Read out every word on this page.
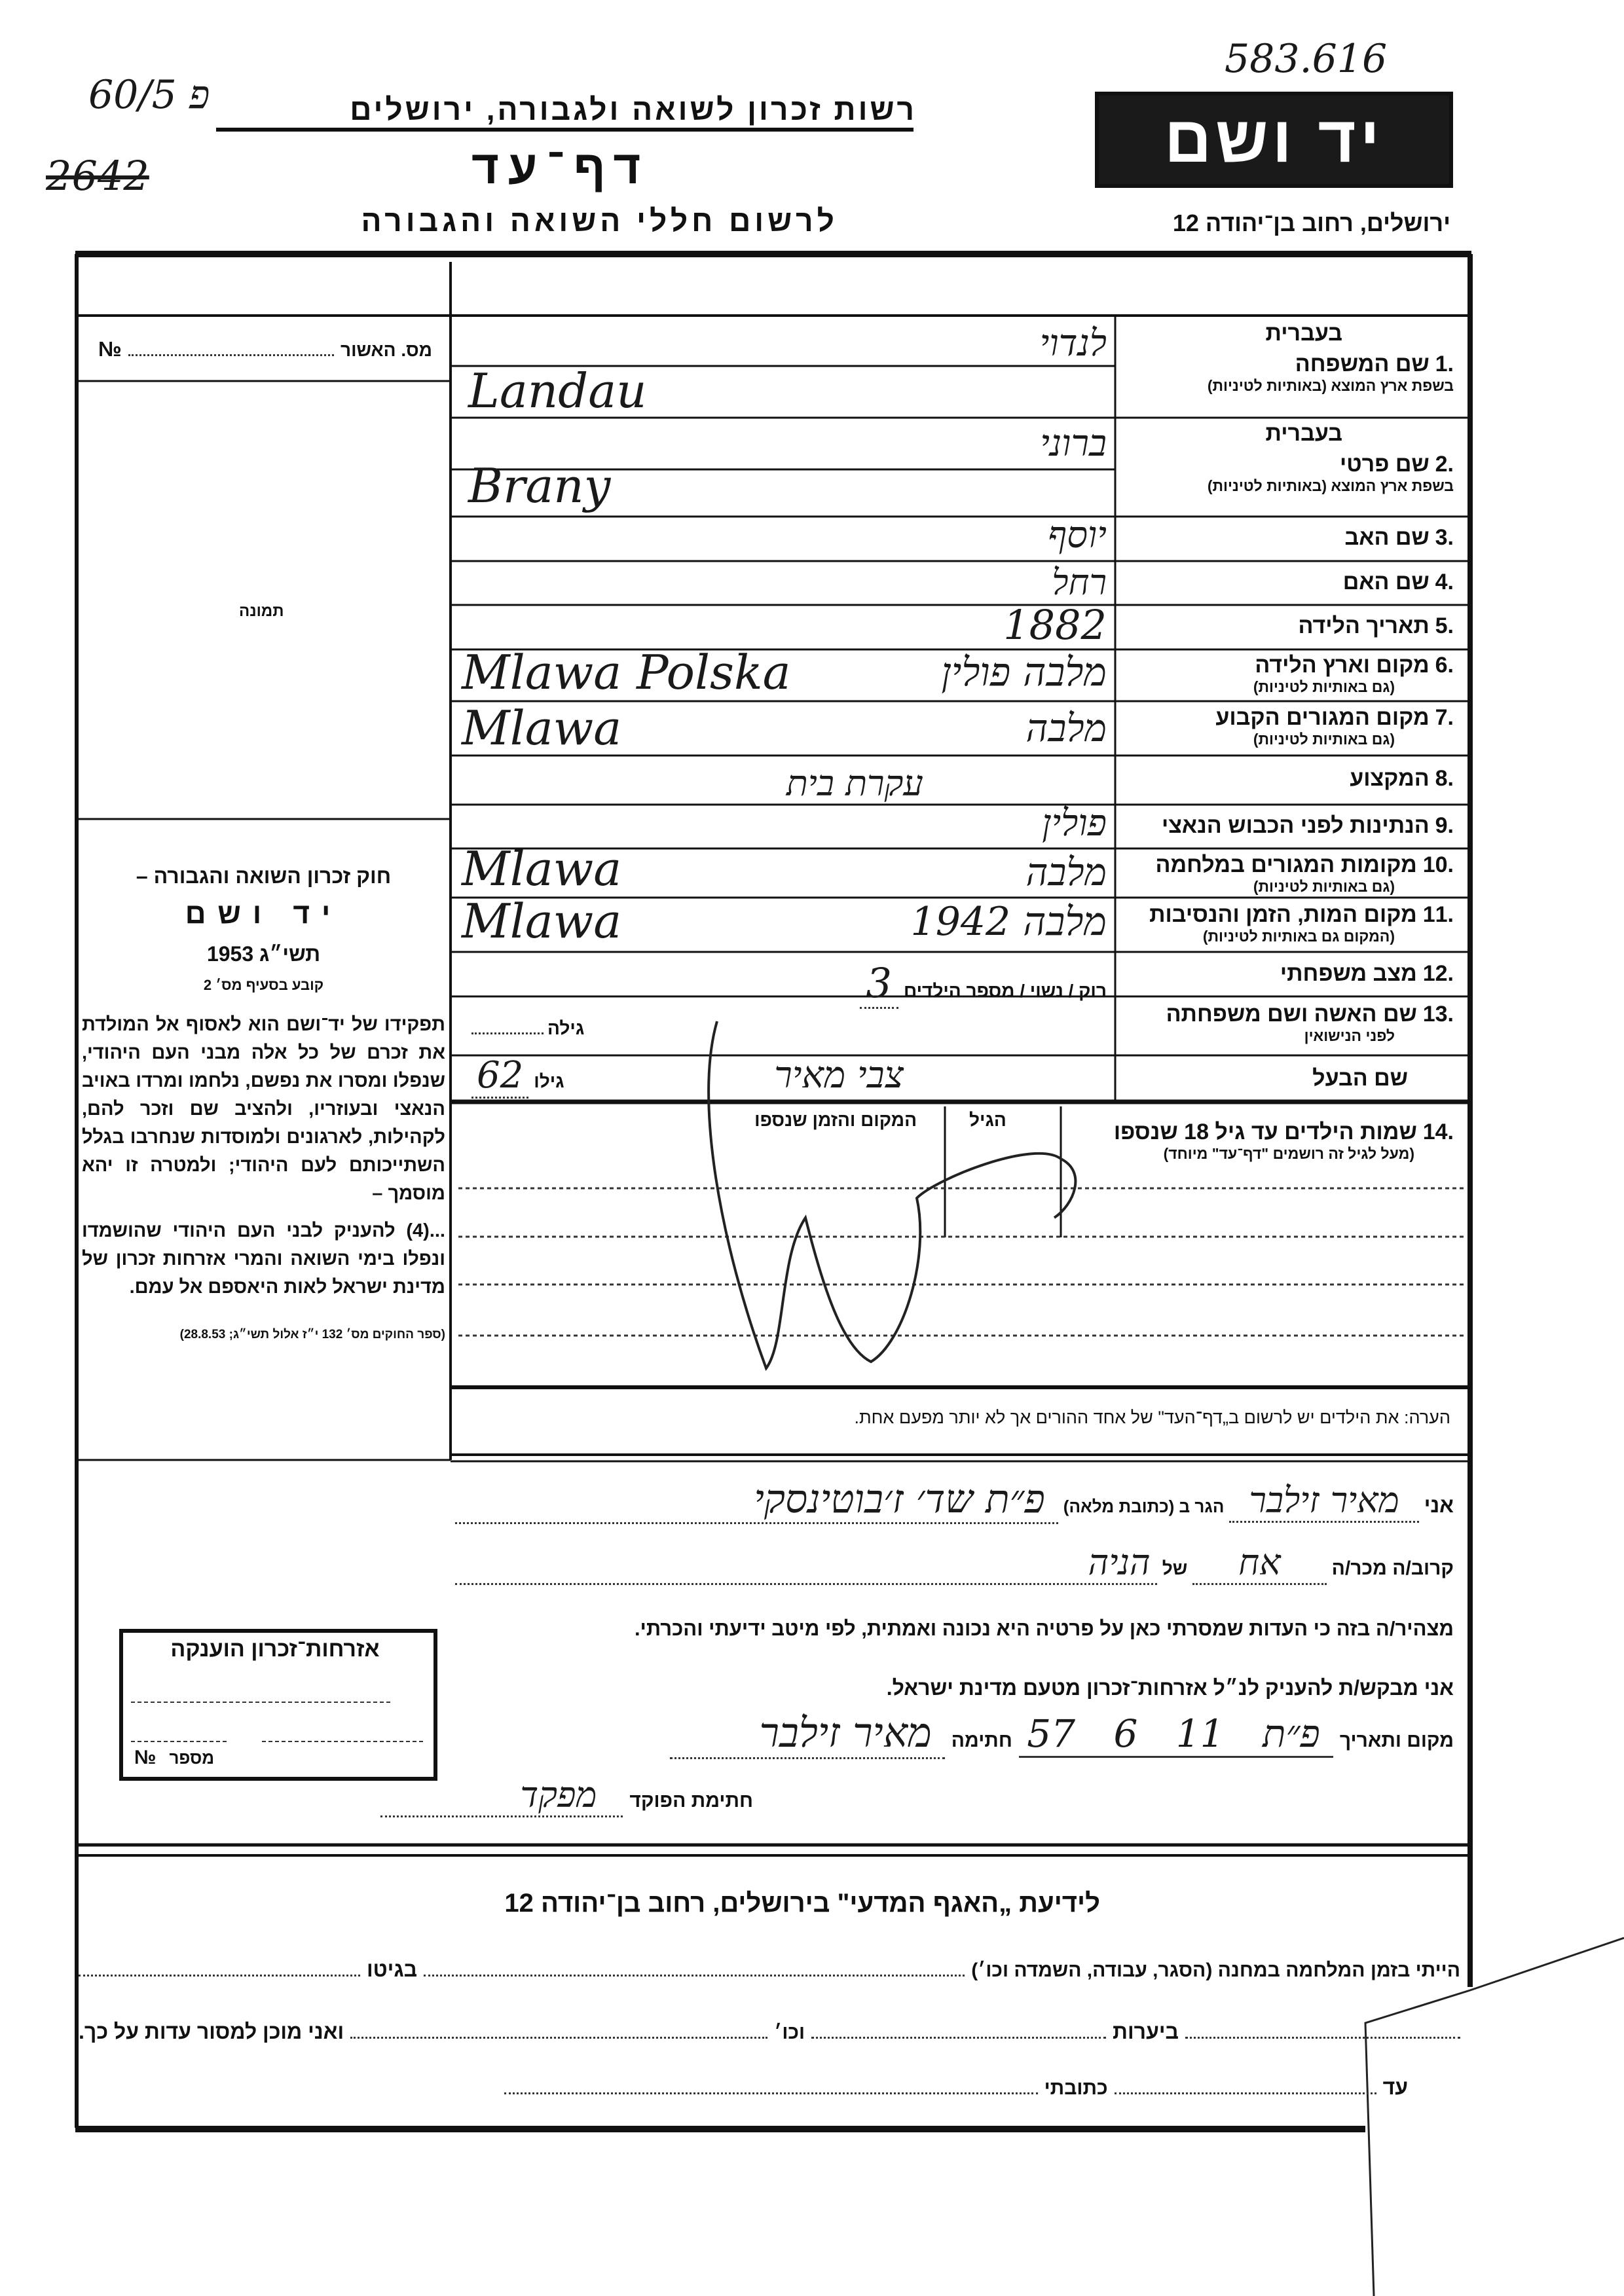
60/5 פ
2642
רשות זכרון לשואה ולגבורה, ירושלים
דף־עד
לרשום חללי השואה והגבורה
583.616
יד ושם
ירושלים, רחוב בן־יהודה 12
מס. האשור
№
תמונה
חוק זכרון השואה והגבורה –
יד ושם
תשי״ג 1953
קובע בסעיף מס׳ 2
תפקידו של יד־ושם הוא לאסוף אל המולדת את זכרם של כל אלה מבני העם היהודי, שנפלו ומסרו את נפשם, נלחמו ומרדו באויב הנאצי ובעוזריו, ולהציב שם וזכר להם, לקהילות, לארגונים ולמוסדות שנחרבו בגלל השתייכותם לעם היהודי; ולמטרה זו יהא מוסמך –
...(4) להעניק לבני העם היהודי שהושמדו ונפלו בימי השואה והמרי אזרחות זכרון של מדינת ישראל לאות היאספם אל עמם.
(ספר החוקים מס׳ 132 י״ז אלול תשי״ג; 28.8.53)
בעברית
.1  שם המשפחה
בשפת ארץ המוצא (באותיות לטיניות)
בעברית
.2  שם פרטי
בשפת ארץ המוצא (באותיות לטיניות)
.3  שם האב
.4  שם האם
.5  תאריך הלידה
.6  מקום וארץ הלידה
(גם באותיות לטיניות)
.7  מקום המגורים הקבוע
(גם באותיות לטיניות)
.8  המקצוע
.9  הנתינות לפני הכבוש הנאצי
.10  מקומות המגורים במלחמה
(גם באותיות לטיניות)
.11  מקום המות, הזמן והנסיבות
(המקום גם באותיות לטיניות)
.12  מצב משפחתי
.13  שם האשה ושם משפחתה
לפני הנישואין
שם הבעל
לנדוי
Landau
ברוני
Brany
יוסף
רחל
1882
מלבה פולין
Mlawa Polska
מלבה
Mlawa
עקרת בית
פולין
מלבה
Mlawa
מלבה 1942
Mlawa
רוק / נשוי / מספר הילדים
3
גילה
צבי מאיר
גילו
62
.14  שמות הילדים עד גיל 18 שנספו
(מעל לגיל זה רושמים "דף־עד" מיוחד)
הגיל
המקום והזמן שנספו
הערה: את הילדים יש לרשום ב„דף־העד" של אחד ההורים אך לא יותר מפעם אחת.
אני
מאיר זילבר
הגר ב (כתובת מלאה)
פ״ת שד׳ ז׳בוטינסקי
קרוב/ה מכר/ה
אח
של
הניה
מצהיר/ה בזה כי העדות שמסרתי כאן על פרטיה היא נכונה ואמתית, לפי מיטב ידיעתי והכרתי.
אני מבקש/ת להעניק לנ״ל אזרחות־זכרון מטעם מדינת ישראל.
מקום ותאריך
פ״ת 11 6 57
חתימה
מאיר זילבר
חתימת הפוקד
מפקד
אזרחות־זכרון הוענקה
№ מספר
לידיעת „האגף המדעי" בירושלים, רחוב בן־יהודה 12
הייתי בזמן המלחמה במחנה (הסגר, עבודה, השמדה וכו׳)
בגיטו
ביערות
וכו׳
ואני מוכן למסור עדות על כך.
עד
כתובתי
